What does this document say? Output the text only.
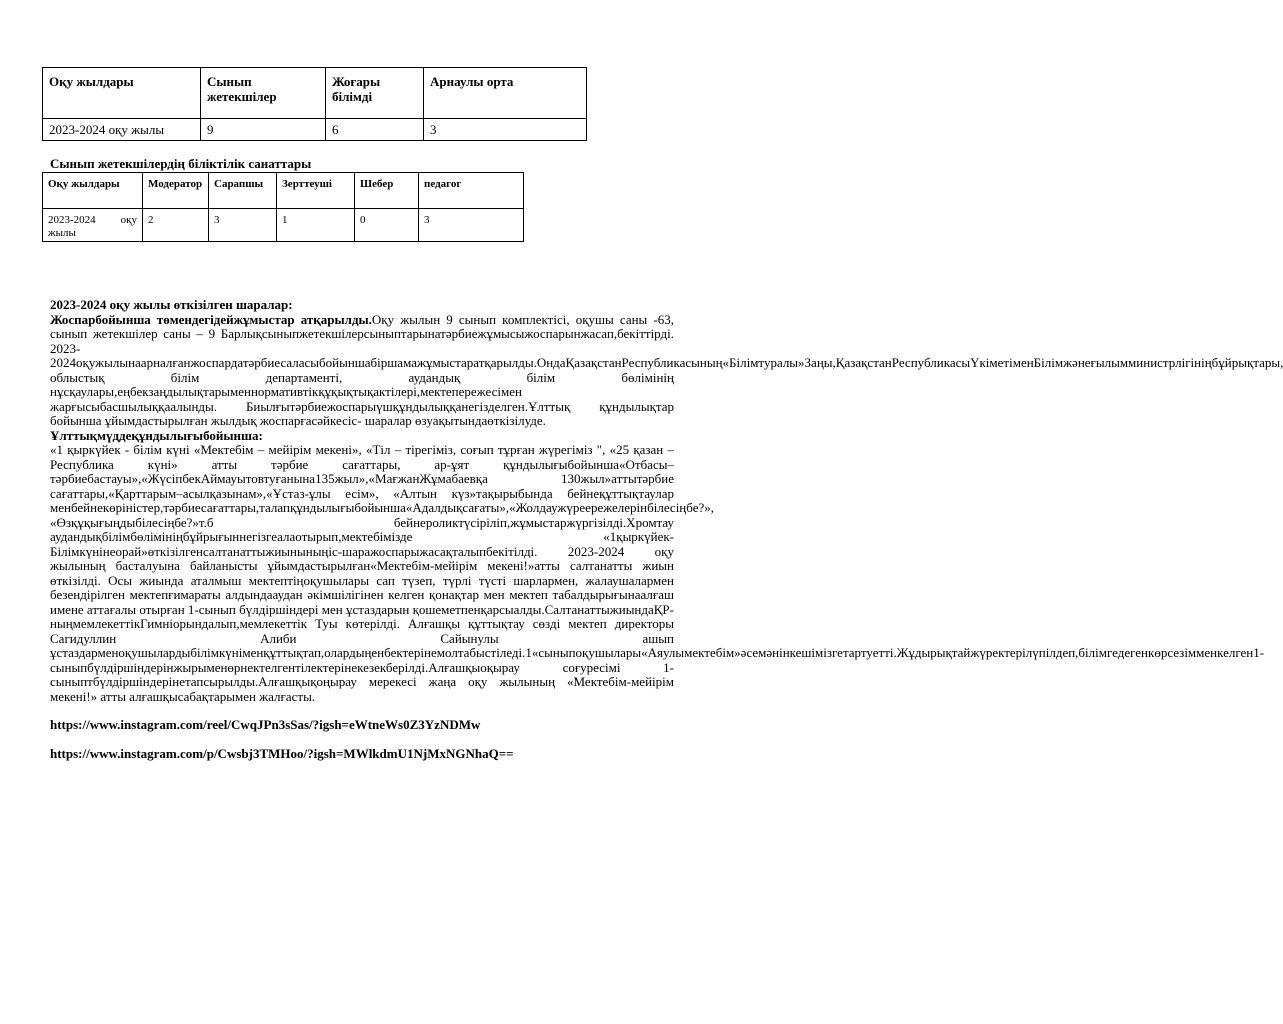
Оқу жылдары	Сынып жетекшілер	Жоғары білімді	Арнаулы орта
2023-2024 оқу жылы	9	6	3
Сынып жетекшілердің біліктілік санаттары
Оқу жылдары	Модератор	Сарапшы	Зерттеуші	Шебер	педагог

2023-2024 оқу жылы	2	3	1	0	3

2023-2024 оқу жылы өткізілген шаралар:

Жоспарбойынша төмендегідейжұмыстар атқарылды.Оқу жылын 9 сынып комплектісі, оқушы саны -63, сынып жетекшілер саны – 9 Барлықсыныпжетекшілерсыныптарынатәрбиежұмысыжоспарынжасап,бекіттірді. 2023-2024оқужылынаарналғанжоспардатәрбиесаласыбойыншабіршамажұмыстаратқарылды.ОндаҚазақстанРеспубликасының«Білімтуралы»Заңы,ҚазақстанРеспубликасыҮкіметіменБілімжәнеғылымминистрлігініңбұйрықтары, облыстық білім департаменті, аудандық білім бөлімінің нұсқаулары,еңбекзаңдылықтарыменнормативтікқұқықтықактілері,мектепережесімен жарғысыбасшылыққаалынды. Биылғытәрбиежоспарыүшқұндылыққанегізделген.Ұлттық құндылықтар бойынша ұйымдастырылған жылдық жоспарғасәйкесіс- шаралар өзуақытындаөткізілуде.

Ұлттықмүддеқұндылығыбойынша:

«1 қыркүйек - білім күні «Мектебім – мейірім мекені», «Тіл – тірегіміз, соғып тұрған жүрегіміз ", «25 қазан – Республика күні» атты тәрбие сағаттары, ар-ұят құндылығыбойынша«Отбасы–тәрбиебастауы»,«ЖүсіпбекАймауытовтуғанына135жыл»,«МағжанЖұмабаевқа 130жыл»аттытәрбие сағаттары,«Қарттарым–асылқазынам»,«Ұстаз-ұлы есім», «Алтын күз»тақырыбында бейнеқұттықтаулар менбейнекөріністер,тәрбиесағаттары,талапқұндылығыбойынша«Адалдықсағаты»,«Жолдаужүреережелерінбілесіңбе?», «Өзқұқығыңдыбілесіңбе?»т.б бейнероликтүсіріліп,жұмыстаржүргізілді.Хромтау аудандықбілімбөлімініңбұйрығыннегізгеалаотырып,мектебімізде «1қыркүйек-Білімкүнінеорай»өткізілгенсалтанаттыжиыныныңіс-шаражоспарыжасақталыпбекітілді. 2023-2024 оқу жылының басталуына байланысты ұйымдастырылған«Мектебім-мейірім мекені!»атты салтанатты жиын өткізілді. Осы жиында аталмыш мектептіңоқушылары сап түзеп, түрлі түсті шарлармен, жалаушалармен безендірілген мектепғимараты алдындааудан әкімшілігінен келген қонақтар мен мектеп табалдырығынаалғаш имене аттағалы отырған 1-сынып бүлдіршіндері мен ұстаздарын қошеметпенқарсыалды.СалтанаттыжиындаҚР-ныңмемлекеттікГимніорындалып,мемлекеттік Туы көтерілді. Алғашқы құттықтау сөзді мектеп директоры Сагидуллин Алиби Сайынулы ашып ұстаздарменоқушылардыбілімкүніменқұттықтап,олардыңенбектерінемолтабыстіледі.1«сыныпоқушылары«Аяулымектебім»әсемәнінкешімізгетартуетті.Жұдырықтайжүректерілүпілдеп,білімгедегенкөрсезімменкелген1-сыныпбүлдіршіндерінжырыменөрнектелгентілектерінекезекберілді.Алғашқыоқырау соғуресімі 1-сыныптбүлдіршіндерінетапсырылды.Алғашқықоңырау мерекесі жаңа оқу жылының «Мектебім-мейірім мекені!» атты алғашқысабақтарымен жалғасты.

https://www.instagram.com/reel/CwqJPn3sSas/?igsh=eWtneWs0Z3YzNDMw

https://www.instagram.com/p/Cwsbj3TMHoo/?igsh=MWlkdmU1NjMxNGNhaQ==
